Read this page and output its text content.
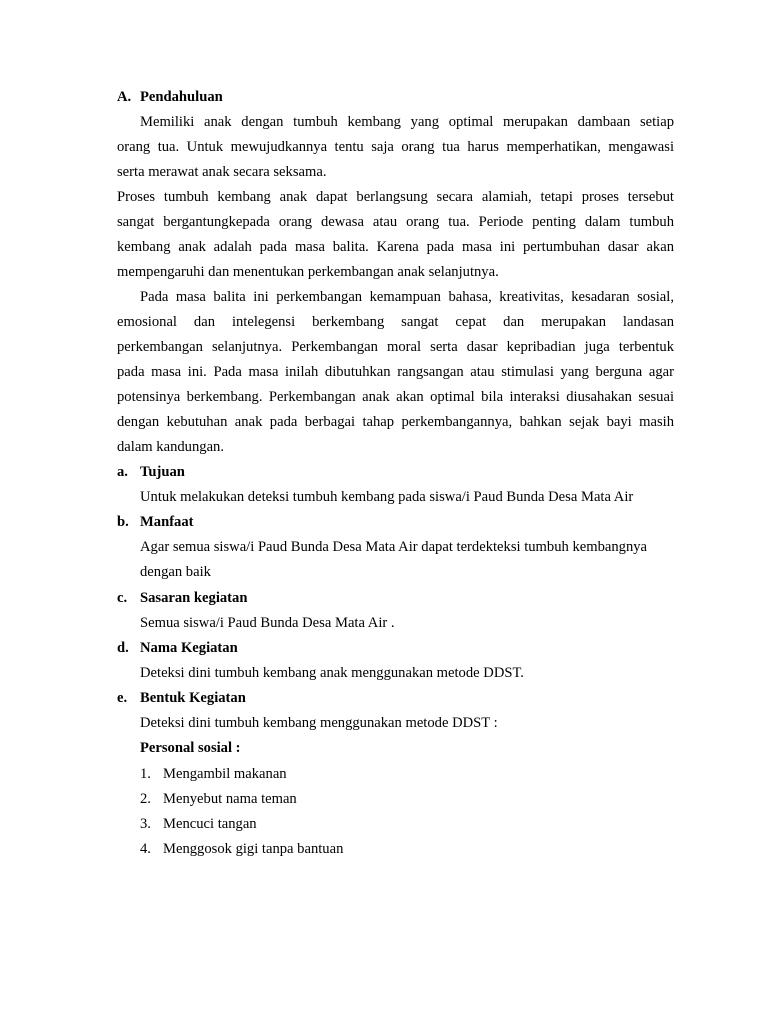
A. Pendahuluan
Memiliki anak dengan tumbuh kembang yang optimal merupakan dambaan setiap
orang tua. Untuk mewujudkannya tentu saja orang tua harus memperhatikan, mengawasi
serta merawat anak secara seksama.
Proses tumbuh kembang anak dapat berlangsung secara alamiah, tetapi proses tersebut
sangat bergantungkepada orang dewasa atau orang tua. Periode penting dalam tumbuh
kembang anak adalah pada masa balita. Karena pada masa ini pertumbuhan dasar akan
mempengaruhi dan menentukan perkembangan anak selanjutnya.
Pada masa balita ini perkembangan kemampuan bahasa, kreativitas, kesadaran sosial,
emosional dan intelegensi berkembang sangat cepat dan merupakan landasan
perkembangan selanjutnya. Perkembangan moral serta dasar kepribadian juga terbentuk
pada masa ini. Pada masa inilah dibutuhkan rangsangan atau stimulasi yang berguna agar
potensinya berkembang. Perkembangan anak akan optimal bila interaksi diusahakan sesuai
dengan kebutuhan anak pada berbagai tahap perkembangannya, bahkan sejak bayi masih
dalam kandungan.
a. Tujuan
Untuk melakukan deteksi tumbuh kembang pada siswa/i Paud Bunda Desa Mata Air
b. Manfaat
Agar semua siswa/i Paud Bunda Desa Mata Air dapat terdekteksi tumbuh kembangnya
dengan baik
c. Sasaran kegiatan
Semua siswa/i Paud Bunda Desa Mata Air .
d. Nama Kegiatan
Deteksi dini tumbuh kembang anak menggunakan metode DDST.
e. Bentuk Kegiatan
Deteksi dini tumbuh kembang menggunakan metode DDST :
Personal sosial :
1. Mengambil makanan
2. Menyebut nama teman
3. Mencuci tangan
4. Menggosok gigi tanpa bantuan
